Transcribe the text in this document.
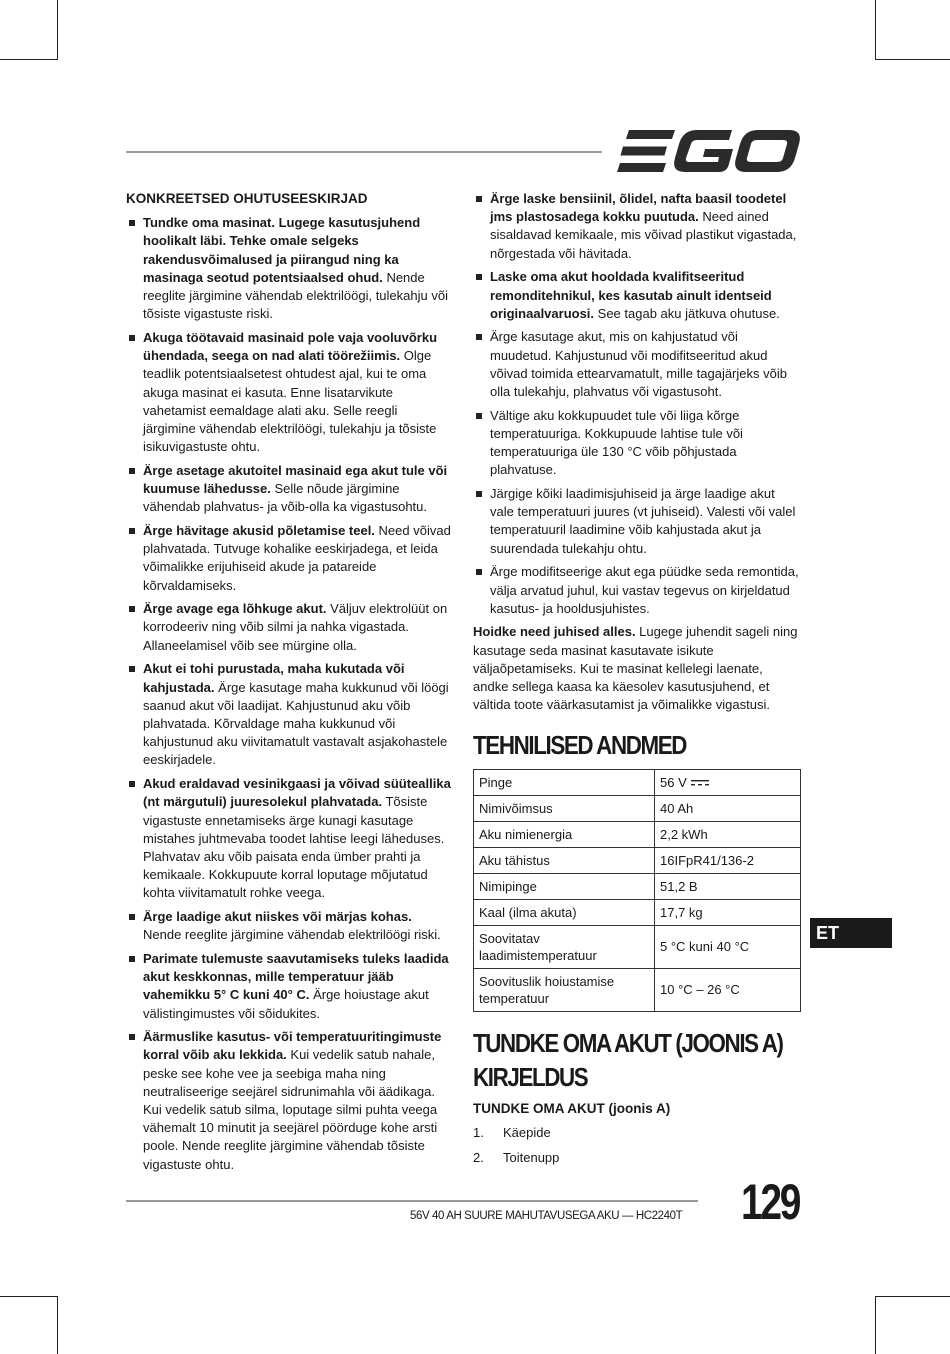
KONKREETSED OHUTUSEESKIRJAD
Tundke oma masinat. Lugege kasutusjuhend hoolikalt läbi. Tehke omale selgeks rakendusvõimalused ja piirangud ning ka masinaga seotud potentsiaalsed ohud. Nende reeglite järgimine vähendab elektrilöögi, tulekahju või tõsiste vigastuste riski.
Akuga töötavaid masinaid pole vaja vooluvõrku ühendada, seega on nad alati töörežiimis. Olge teadlik potentsiaalsetest ohtudest ajal, kui te oma akuga masinat ei kasuta. Enne lisatarvikute vahetamist eemaldage alati aku. Selle reegli järgimine vähendab elektrilöögi, tulekahju ja tõsiste isikuvigastuste ohtu.
Ärge asetage akutoitel masinaid ega akut tule või kuumuse lähedusse. Selle nõude järgimine vähendab plahvatus- ja võib-olla ka vigastusohtu.
Ärge hävitage akusid põletamise teel. Need võivad plahvatada. Tutvuge kohalike eeskirjadega, et leida võimalikke erijuhiseid akude ja patareide kõrvaldamiseks.
Ärge avage ega lõhkuge akut. Väljuv elektrolüüt on korrodeeriv ning võib silmi ja nahka vigastada. Allaneelamisel võib see mürgine olla.
Akut ei tohi purustada, maha kukutada või kahjustada. Ärge kasutage maha kukkunud või löögi saanud akut või laadijat. Kahjustunud aku võib plahvatada. Kõrvaldage maha kukkunud või kahjustunud aku viivitamatult vastavalt asjakohastele eeskirjadele.
Akud eraldavad vesinikgaasi ja võivad süüteallika (nt märgutuli) juuresolekul plahvatada. Tõsiste vigastuste ennetamiseks ärge kunagi kasutage mistahes juhtmevaba toodet lahtise leegi läheduses. Plahvatav aku võib paisata enda ümber prahti ja kemikaale. Kokkupuute korral loputage mõjutatud kohta viivitamatult rohke veega.
Ärge laadige akut niiskes või märjas kohas. Nende reeglite järgimine vähendab elektrilöögi riski.
Parimate tulemuste saavutamiseks tuleks laadida akut keskkonnas, mille temperatuur jääb vahemikku 5° C kuni 40° C. Ärge hoiustage akut välistingimustes või sõidukites.
Äärmuslike kasutus- või temperatuuritingimuste korral võib aku lekkida. Kui vedelik satub nahale, peske see kohe vee ja seebiga maha ning neutraliseerige seejärel sidrunimahla või äädikaga. Kui vedelik satub silma, loputage silmi puhta veega vähemalt 10 minutit ja seejärel pöörduge kohe arsti poole. Nende reeglite järgimine vähendab tõsiste vigastuste ohtu.
Ärge laske bensiinil, õlidel, nafta baasil toodetel jms plastosadega kokku puutuda. Need ained sisaldavad kemikaale, mis võivad plastikut vigastada, nõrgestada või hävitada.
Laske oma akut hooldada kvalifitseeritud remonditehnikul, kes kasutab ainult identseid originaalvaruosi. See tagab aku jätkuva ohutuse.
Ärge kasutage akut, mis on kahjustatud või muudetud. Kahjustunud või modifitseeritud akud võivad toimida ettearvamatult, mille tagajärjeks võib olla tulekahju, plahvatus või vigastusoht.
Vältige aku kokkupuudet tule või liiga kõrge temperatuuriga. Kokkupuude lahtise tule või temperatuuriga üle 130 °C võib põhjustada plahvatuse.
Järgige kõiki laadimisjuhiseid ja ärge laadige akut vale temperatuuri juures (vt juhiseid). Valesti või valel temperatuuril laadimine võib kahjustada akut ja suurendada tulekahju ohtu.
Ärge modifitseerige akut ega püüdke seda remontida, välja arvatud juhul, kui vastav tegevus on kirjeldatud kasutus- ja hooldusjuhistes.
Hoidke need juhised alles. Lugege juhendit sageli ning kasutage seda masinat kasutavate isikute väljaõpetamiseks. Kui te masinat kellelegi laenate, andke sellega kaasa ka käesolev kasutusjuhend, et vältida toote väärkasutamist ja võimalikke vigastusi.
TEHNILISED ANDMED
Pinge	56 V
Nimivõimsus	40 Ah
Aku nimienergia	2,2 kWh
Aku tähistus	16IFpR41/136-2
Nimipinge	51,2 B
Kaal (ilma akuta)	17,7 kg
Soovitatav laadimistemperatuur	5 °C kuni 40 °C
Soovituslik hoiustamise temperatuur	10 °C – 26 °C
TUNDKE OMA AKUT (JOONIS A)
KIRJELDUS
TUNDKE OMA AKUT (joonis A)
1.	Käepide
2.	Toitenupp
ET
56V 40 AH SUURE MAHUTAVUSEGA AKU — HC2240T 129
